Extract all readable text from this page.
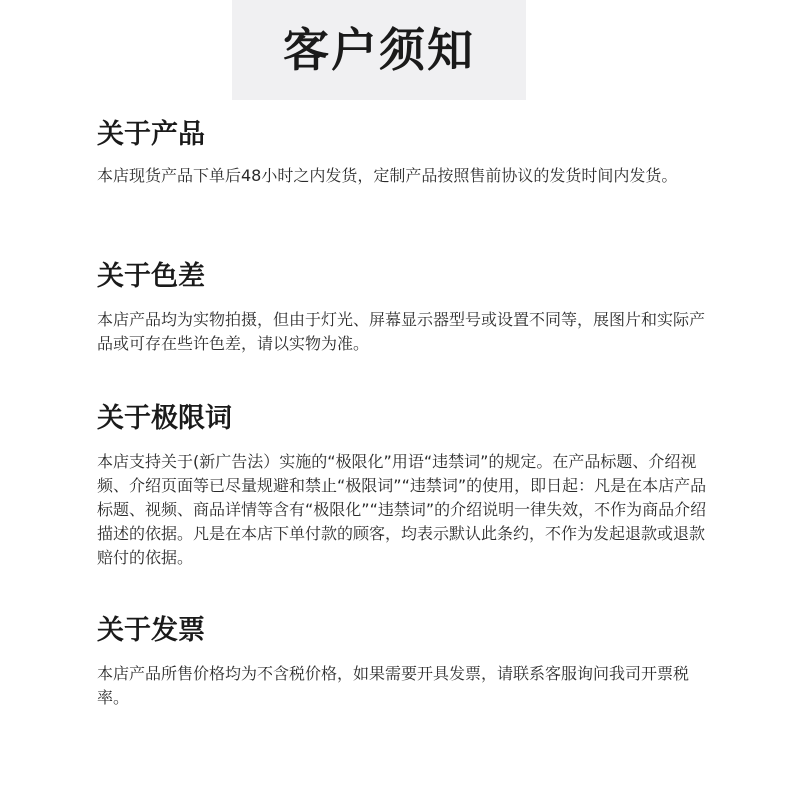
客户须知
关于产品

本店现货产品下单后48小时之内发货，定制产品按照售前协议的发货时间内发货。

关于色差

本店产品均为实物拍摄，但由于灯光、屏幕显示器型号或设置不同等，展图片和实际产品或可存在些许色差，请以实物为准。

关于极限词

本店支持关于(新广告法）实施的“极限化”用语“违禁词”的规定。在产品标题、介绍视频、介绍页面等已尽量规避和禁止“极限词”“违禁词”的使用，即日起：凡是在本店产品标题、视频、商品详情等含有“极限化”“违禁词”的介绍说明一律失效，不作为商品介绍描述的依据。凡是在本店下单付款的顾客，均表示默认此条约，不作为发起退款或退款赔付的依据。

关于发票

本店产品所售价格均为不含税价格，如果需要开具发票，请联系客服询问我司开票税率。
